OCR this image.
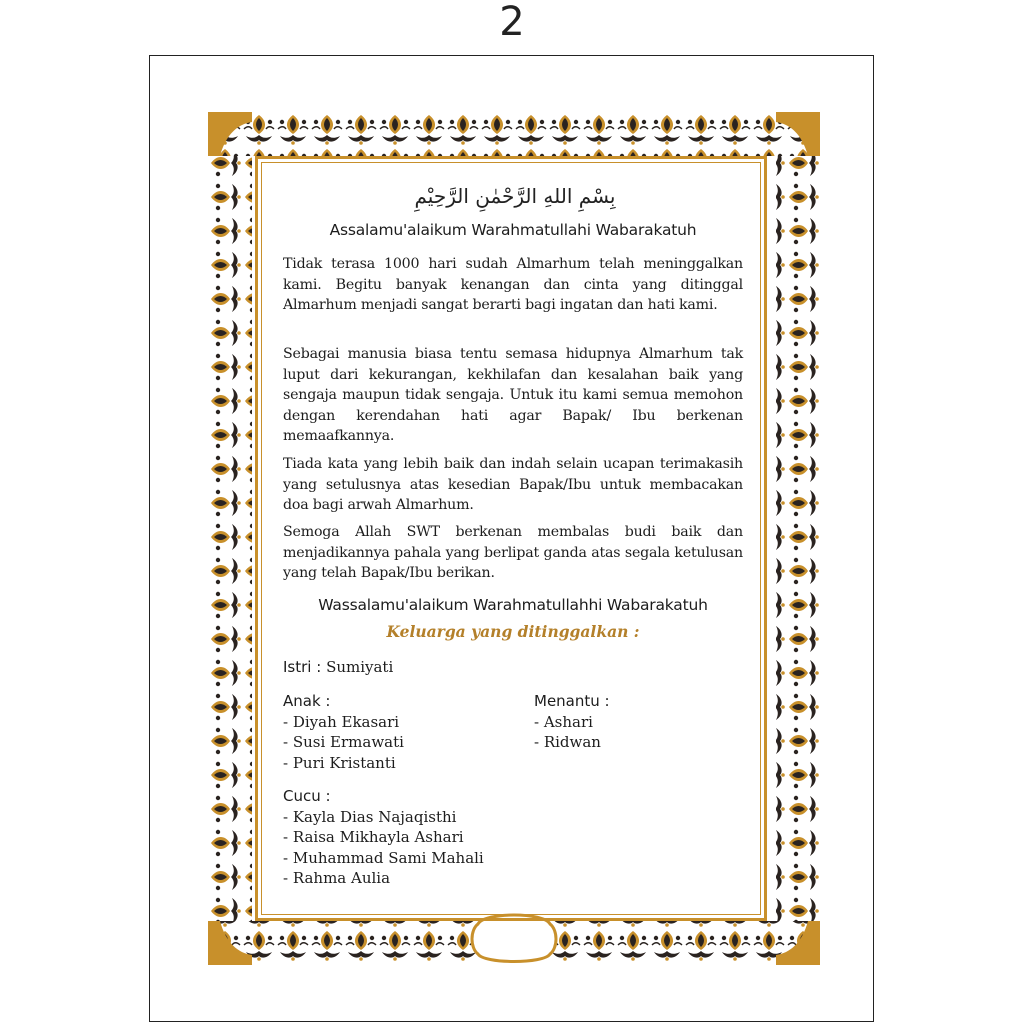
2
بِسْمِ اللهِ الرَّحْمٰنِ الرَّحِيْمِ
Assalamu'alaikum Warahmatullahi Wabarakatuh
Tidak terasa 1000 hari sudah Almarhum telah meninggalkan kami. Begitu banyak kenangan dan cinta yang ditinggal Almarhum menjadi sangat berarti bagi ingatan dan hati kami.
Sebagai manusia biasa tentu semasa hidupnya Almarhum tak luput dari kekurangan, kekhilafan dan kesalahan baik yang sengaja maupun tidak sengaja. Untuk itu kami semua memohon dengan kerendahan hati agar Bapak/ Ibu berkenan memaafkannya.
Tiada kata yang lebih baik dan indah selain ucapan terimakasih yang setulusnya atas kesedian Bapak/Ibu untuk membacakan doa bagi arwah Almarhum.
Semoga Allah SWT berkenan membalas budi baik dan menjadikannya pahala yang berlipat ganda atas segala ketulusan yang telah Bapak/Ibu berikan.
Wassalamu'alaikum Warahmatullahhi Wabarakatuh
Keluarga yang ditinggalkan :
Istri : Sumiyati
Anak :
- Diyah Ekasari
- Susi Ermawati
- Puri Kristanti
Menantu :
- Ashari
- Ridwan
Cucu :
- Kayla Dias Najaqisthi
- Raisa Mikhayla Ashari
- Muhammad Sami Mahali
- Rahma Aulia
